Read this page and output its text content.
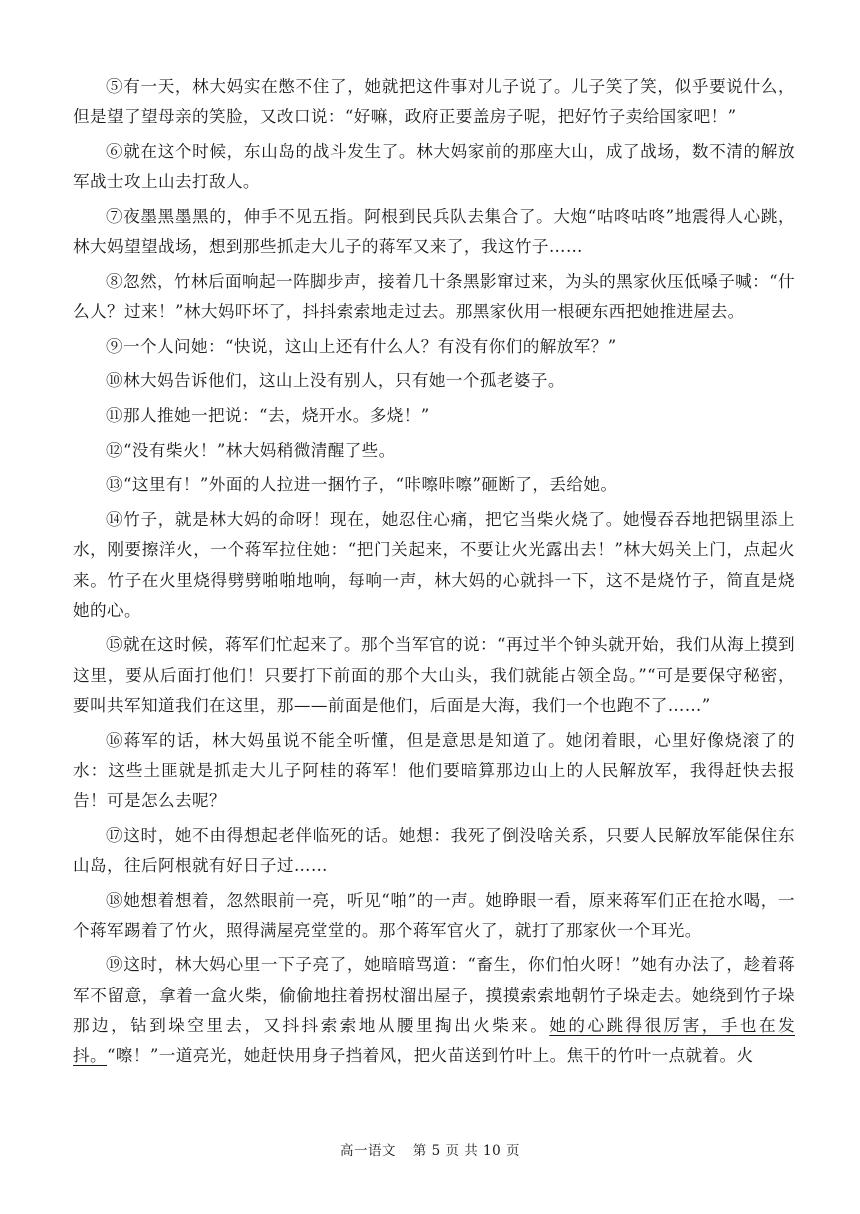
⑤有一天，林大妈实在憋不住了，她就把这件事对儿子说了。儿子笑了笑，似乎要说什么，但是望了望母亲的笑脸，又改口说：“好嘛，政府正要盖房子呢，把好竹子卖给国家吧！”

⑥就在这个时候，东山岛的战斗发生了。林大妈家前的那座大山，成了战场，数不清的解放军战士攻上山去打敌人。

⑦夜墨黑墨黑的，伸手不见五指。阿根到民兵队去集合了。大炮“咕咚咕咚”地震得人心跳，林大妈望望战场，想到那些抓走大儿子的蒋军又来了，我这竹子……

⑧忽然，竹林后面响起一阵脚步声，接着几十条黑影窜过来，为头的黑家伙压低嗓子喊：“什么人？过来！”林大妈吓坏了，抖抖索索地走过去。那黑家伙用一根硬东西把她推进屋去。

⑨一个人问她：“快说，这山上还有什么人？有没有你们的解放军？”

⑩林大妈告诉他们，这山上没有别人，只有她一个孤老婆子。

⑪那人推她一把说：“去，烧开水。多烧！”

⑫“没有柴火！”林大妈稍微清醒了些。

⑬“这里有！”外面的人拉进一捆竹子，“咔嚓咔嚓”砸断了，丢给她。

⑭竹子，就是林大妈的命呀！现在，她忍住心痛，把它当柴火烧了。她慢吞吞地把锅里添上水，刚要擦洋火，一个蒋军拉住她：“把门关起来，不要让火光露出去！”林大妈关上门，点起火来。竹子在火里烧得劈劈啪啪地响，每响一声，林大妈的心就抖一下，这不是烧竹子，简直是烧她的心。

⑮就在这时候，蒋军们忙起来了。那个当军官的说：“再过半个钟头就开始，我们从海上摸到这里，要从后面打他们！只要打下前面的那个大山头，我们就能占领全岛。”“可是要保守秘密，要叫共军知道我们在这里，那——前面是他们，后面是大海，我们一个也跑不了……”

⑯蒋军的话，林大妈虽说不能全听懂，但是意思是知道了。她闭着眼，心里好像烧滚了的水：这些土匪就是抓走大儿子阿桂的蒋军！他们要暗算那边山上的人民解放军，我得赶快去报告！可是怎么去呢？

⑰这时，她不由得想起老伴临死的话。她想：我死了倒没啥关系，只要人民解放军能保住东山岛，往后阿根就有好日子过……

⑱她想着想着，忽然眼前一亮，听见“啪”的一声。她睁眼一看，原来蒋军们正在抢水喝，一个蒋军踢着了竹火，照得满屋亮堂堂的。那个蒋军官火了，就打了那家伙一个耳光。

⑲这时，林大妈心里一下子亮了，她暗暗骂道：“畜生，你们怕火呀！”她有办法了，趁着蒋军不留意，拿着一盒火柴，偷偷地拄着拐杖溜出屋子，摸摸索索地朝竹子垛走去。她绕到竹子垛那边，钻到垛空里去，又抖抖索索地从腰里掏出火柴来。她的心跳得很厉害，手也在发抖。“嚓！”一道亮光，她赶快用身子挡着风，把火苗送到竹叶上。焦干的竹叶一点就着。火

高一语文 第 5 页 共 10 页
